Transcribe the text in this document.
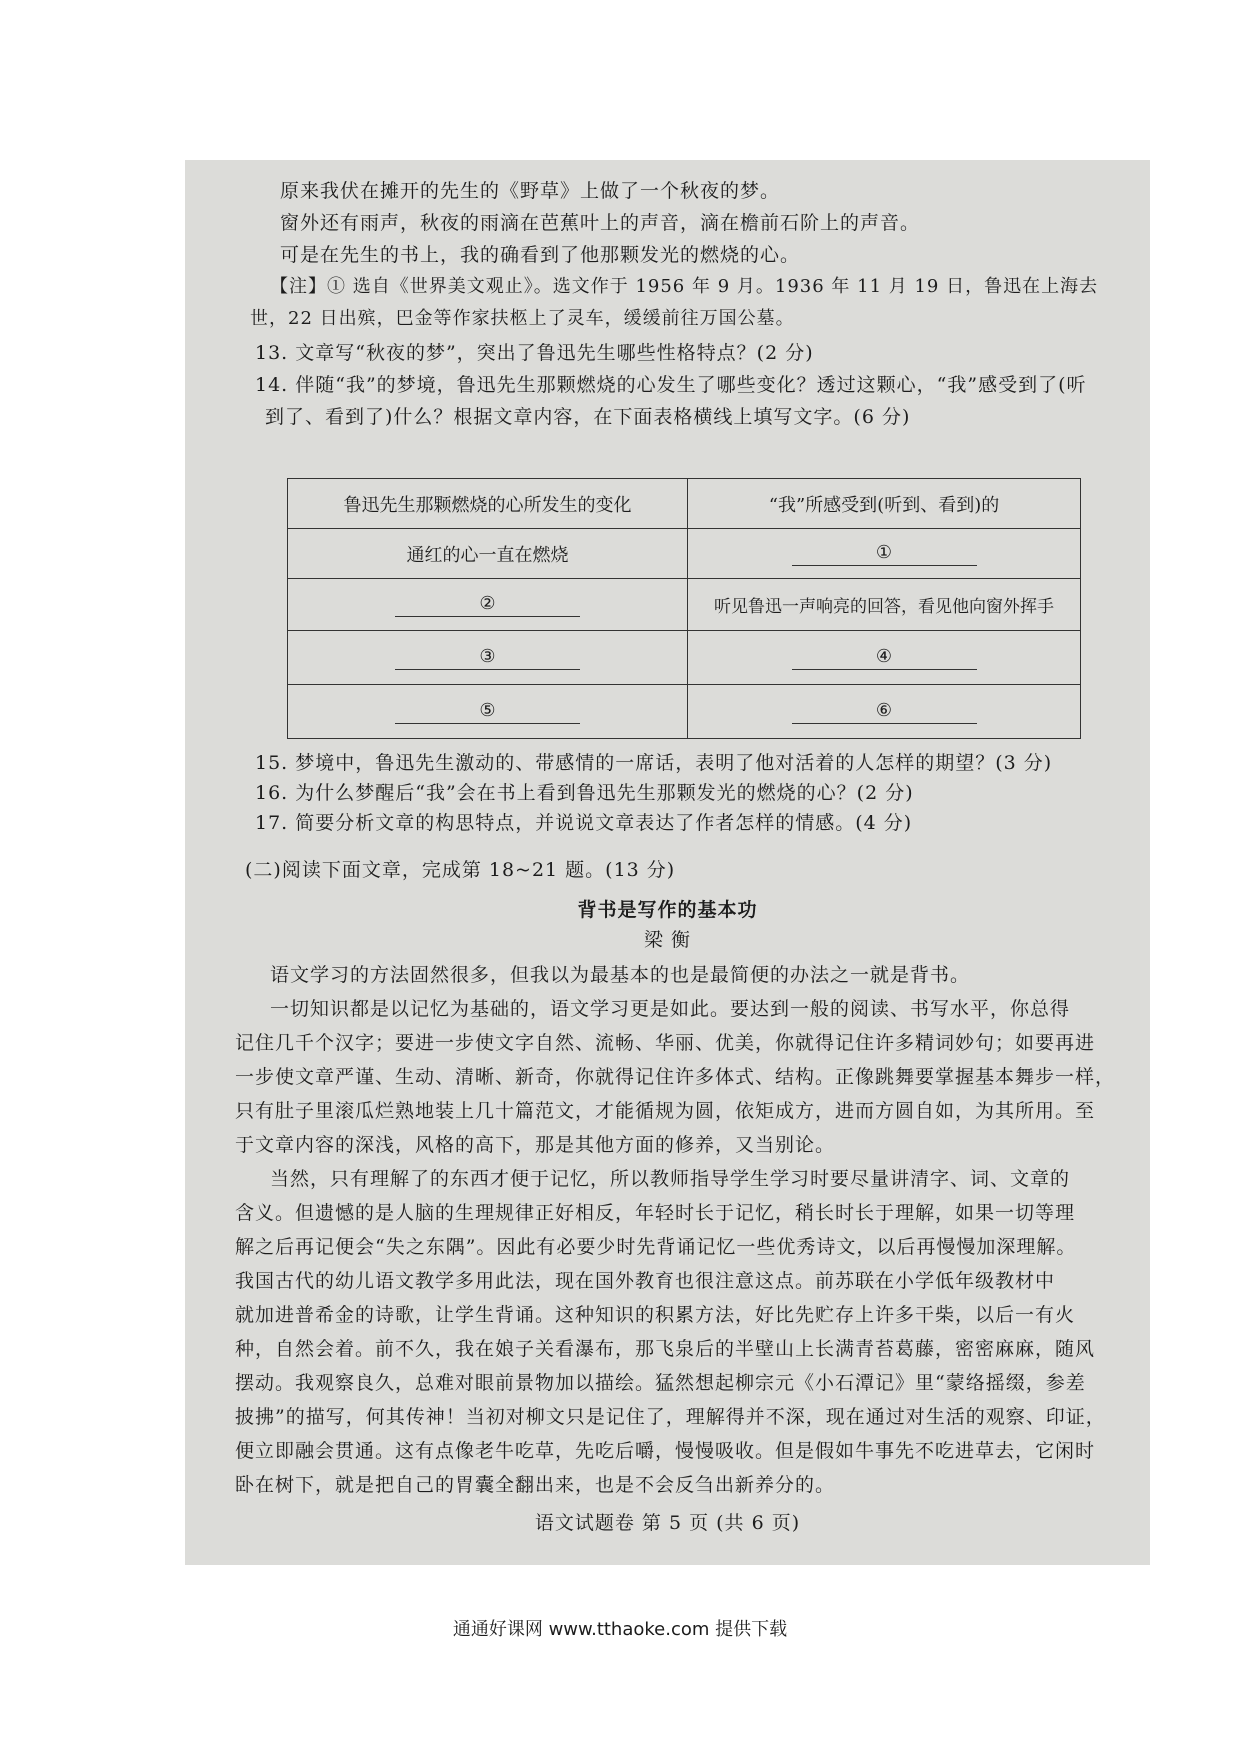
原来我伏在摊开的先生的《野草》上做了一个秋夜的梦。
窗外还有雨声，秋夜的雨滴在芭蕉叶上的声音，滴在檐前石阶上的声音。
可是在先生的书上，我的确看到了他那颗发光的燃烧的心。
【注】① 选自《世界美文观止》。选文作于 1956 年 9 月。1936 年 11 月 19 日，鲁迅在上海去
世，22 日出殡，巴金等作家扶柩上了灵车，缓缓前往万国公墓。
13. 文章写“秋夜的梦”，突出了鲁迅先生哪些性格特点？(2 分)
14. 伴随“我”的梦境，鲁迅先生那颗燃烧的心发生了哪些变化？透过这颗心，“我”感受到了(听
到了、看到了)什么？根据文章内容，在下面表格横线上填写文字。(6 分)
鲁迅先生那颗燃烧的心所发生的变化	“我”所感受到(听到、看到)的
通红的心一直在燃烧	①
②	听见鲁迅一声响亮的回答，看见他向窗外挥手
③	④
⑤	⑥
15. 梦境中，鲁迅先生激动的、带感情的一席话，表明了他对活着的人怎样的期望？(3 分)
16. 为什么梦醒后“我”会在书上看到鲁迅先生那颗发光的燃烧的心？(2 分)
17. 简要分析文章的构思特点，并说说文章表达了作者怎样的情感。(4 分)
(二)阅读下面文章，完成第 18~21 题。(13 分)
背书是写作的基本功
梁 衡
语文学习的方法固然很多，但我以为最基本的也是最简便的办法之一就是背书。
一切知识都是以记忆为基础的，语文学习更是如此。要达到一般的阅读、书写水平，你总得
记住几千个汉字；要进一步使文字自然、流畅、华丽、优美，你就得记住许多精词妙句；如要再进
一步使文章严谨、生动、清晰、新奇，你就得记住许多体式、结构。正像跳舞要掌握基本舞步一样，
只有肚子里滚瓜烂熟地装上几十篇范文，才能循规为圆，依矩成方，进而方圆自如，为其所用。至
于文章内容的深浅，风格的高下，那是其他方面的修养，又当别论。
当然，只有理解了的东西才便于记忆，所以教师指导学生学习时要尽量讲清字、词、文章的
含义。但遗憾的是人脑的生理规律正好相反，年轻时长于记忆，稍长时长于理解，如果一切等理
解之后再记便会“失之东隅”。因此有必要少时先背诵记忆一些优秀诗文，以后再慢慢加深理解。
我国古代的幼儿语文教学多用此法，现在国外教育也很注意这点。前苏联在小学低年级教材中
就加进普希金的诗歌，让学生背诵。这种知识的积累方法，好比先贮存上许多干柴，以后一有火
种，自然会着。前不久，我在娘子关看瀑布，那飞泉后的半壁山上长满青苔葛藤，密密麻麻，随风
摆动。我观察良久，总难对眼前景物加以描绘。猛然想起柳宗元《小石潭记》里“蒙络摇缀，参差
披拂”的描写，何其传神！当初对柳文只是记住了，理解得并不深，现在通过对生活的观察、印证，
便立即融会贯通。这有点像老牛吃草，先吃后嚼，慢慢吸收。但是假如牛事先不吃进草去，它闲时
卧在树下，就是把自己的胃囊全翻出来，也是不会反刍出新养分的。
语文试题卷 第 5 页 (共 6 页)
通通好课网 www.tthaoke.com 提供下载
